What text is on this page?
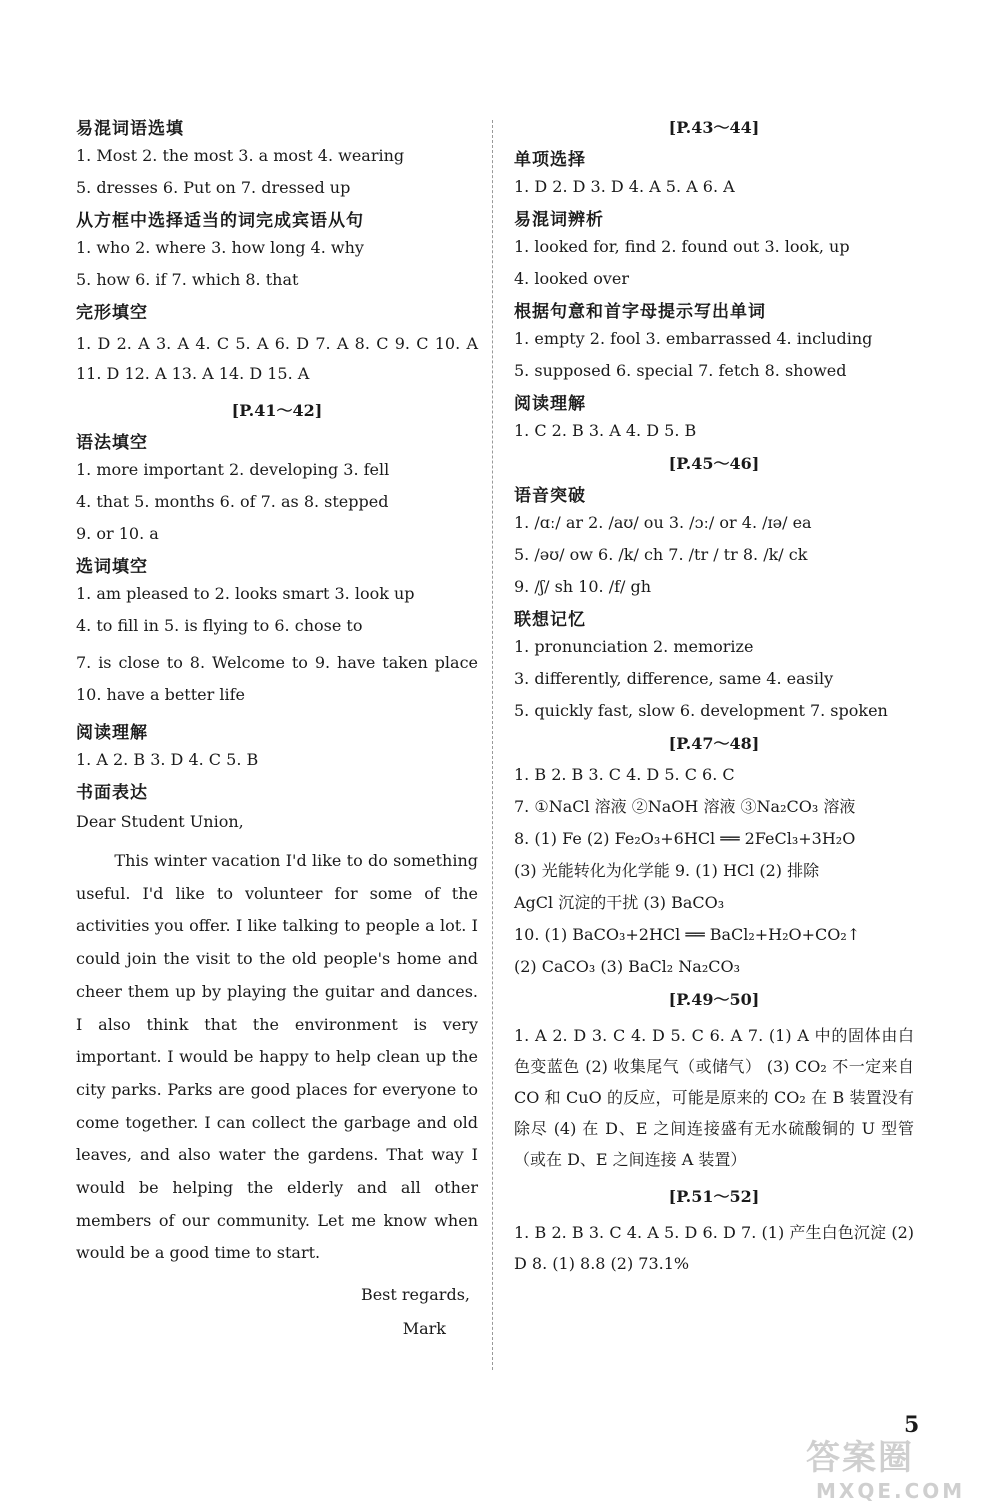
易混词语选填
1. Most 2. the most 3. a most 4. wearing
5. dresses 6. Put on 7. dressed up
从方框中选择适当的词完成宾语从句
1. who 2. where 3. how long 4. why
5. how 6. if 7. which 8. that
完形填空
1. D 2. A 3. A 4. C 5. A 6. D 7. A 8. C 9. C 10. A 11. D 12. A 13. A 14. D 15. A
[P.41～42]
语法填空
1. more important 2. developing 3. fell
4. that 5. months 6. of 7. as 8. stepped
9. or 10. a
选词填空
1. am pleased to 2. looks smart 3. look up
4. to fill in 5. is flying to 6. chose to
7. is close to 8. Welcome to 9. have taken place 10. have a better life
阅读理解
1. A 2. B 3. D 4. C 5. B
书面表达
Dear Student Union,

This winter vacation I'd like to do something useful. I'd like to volunteer for some of the activities you offer. I like talking to people a lot. I could join the visit to the old people's home and cheer them up by playing the guitar and dances. I also think that the environment is very important. I would be happy to help clean up the city parks. Parks are good places for everyone to come together. I can collect the garbage and old leaves, and also water the gardens. That way I would be helping the elderly and all other members of our community. Let me know when would be a good time to start.

Best regards,
Mark
[P.43～44]
单项选择
1. D 2. D 3. D 4. A 5. A 6. A
易混词辨析
1. looked for, find 2. found out 3. look, up
4. looked over
根据句意和首字母提示写出单词
1. empty 2. fool 3. embarrassed 4. including
5. supposed 6. special 7. fetch 8. showed
阅读理解
1. C 2. B 3. A 4. D 5. B
[P.45～46]
语音突破
1. /ɑː/ ar 2. /aʊ/ ou 3. /ɔː/ or 4. /ɪə/ ea
5. /əʊ/ ow 6. /k/ ch 7. /tr / tr 8. /k/ ck
9. /ʃ/ sh 10. /f/ gh
联想记忆
1. pronunciation 2. memorize
3. differently, difference, same 4. easily
5. quickly fast, slow 6. development 7. spoken
[P.47～48]
1. B 2. B 3. C 4. D 5. C 6. C
7. ①NaCl 溶液 ②NaOH 溶液 ③Na₂CO₃ 溶液
8. (1) Fe (2) Fe₂O₃+6HCl ══ 2FeCl₃+3H₂O
(3) 光能转化为化学能 9. (1) HCl (2) 排除
AgCl 沉淀的干扰 (3) BaCO₃
10. (1) BaCO₃+2HCl ══ BaCl₂+H₂O+CO₂↑
(2) CaCO₃ (3) BaCl₂ Na₂CO₃
[P.49～50]
1. A 2. D 3. C 4. D 5. C 6. A 7. (1) A 中的固体由白色变蓝色 (2) 收集尾气（或储气） (3) CO₂ 不一定来自 CO 和 CuO 的反应，可能是原来的 CO₂ 在 B 装置没有除尽 (4) 在 D、E 之间连接盛有无水硫酸铜的 U 型管（或在 D、E 之间连接 A 装置）
[P.51～52]
1. B 2. B 3. C 4. A 5. D 6. D 7. (1) 产生白色沉淀 (2) D 8. (1) 8.8 (2) 73.1%
5
答案圈
MXQE.COM
